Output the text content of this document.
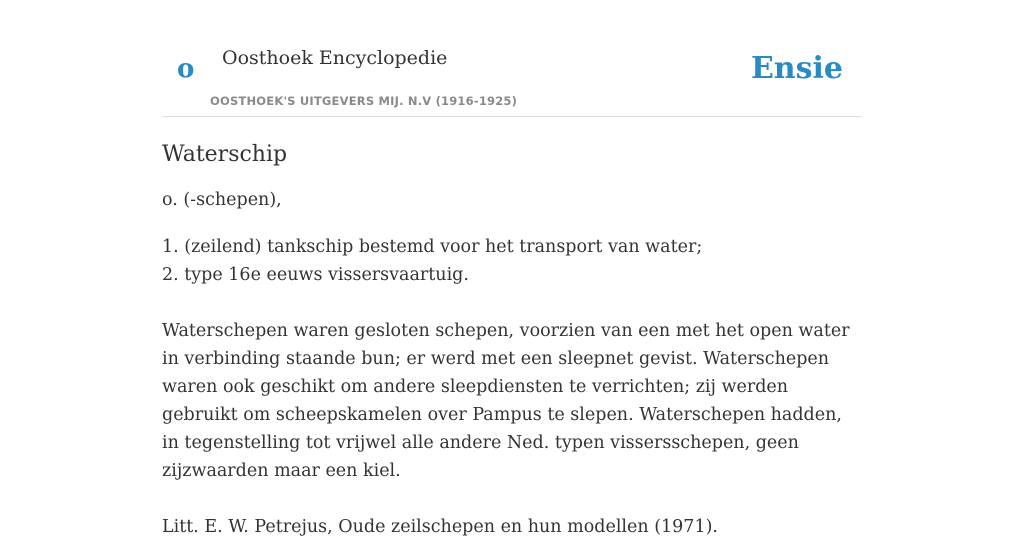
o Oosthoek Encyclopedie
OOSTHOEK'S UITGEVERS MIJ. N.V (1916-1925)
Ensie
Waterschip

o. (-schepen),

1. (zeilend) tankschip bestemd voor het transport van water;
2. type 16e eeuws vissersvaartuig.

Waterschepen waren gesloten schepen, voorzien van een met het open water in verbinding staande bun; er werd met een sleepnet gevist. Waterschepen waren ook geschikt om andere sleepdiensten te verrichten; zij werden gebruikt om scheepskamelen over Pampus te slepen. Waterschepen hadden, in tegenstelling tot vrijwel alle andere Ned. typen vissersschepen, geen zijzwaarden maar een kiel.

Litt. E. W. Petrejus, Oude zeilschepen en hun modellen (1971).
